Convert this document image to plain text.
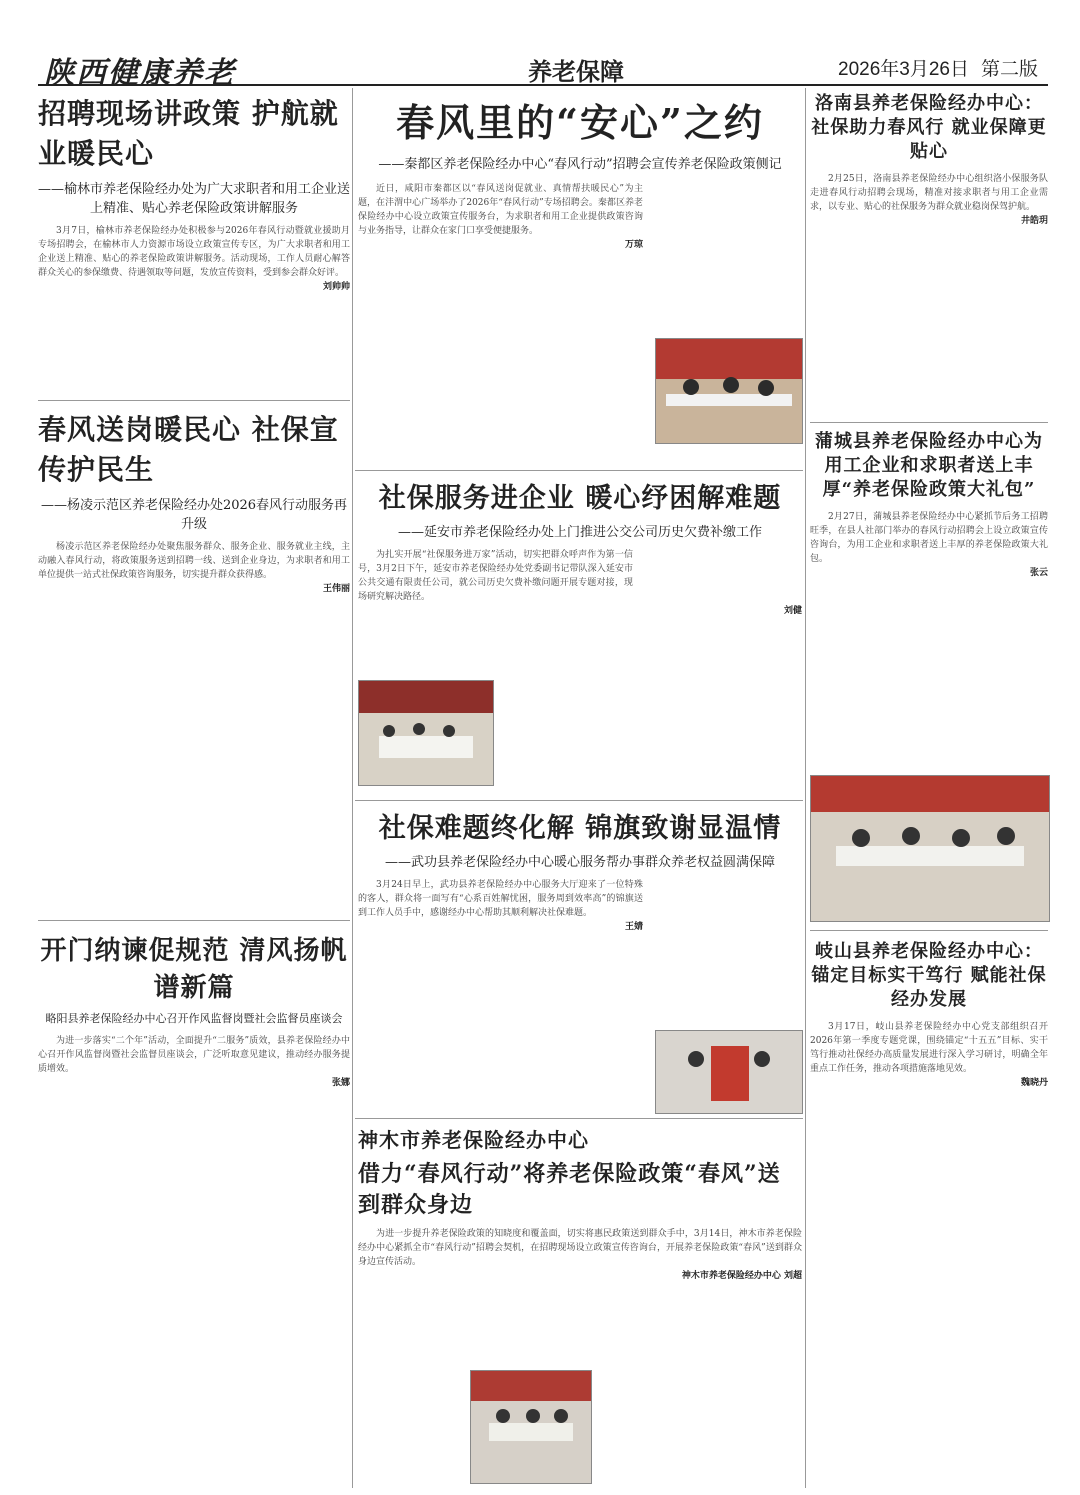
陕西健康养老	养老保障	2026年3月26日 第二版
招聘现场讲政策 护航就业暖民心
——榆林市养老保险经办处为广大求职者和用工企业送上精准、贴心养老保险政策讲解服务

3月7日，榆林市养老保险经办处积极参与2026年春风行动暨就业援助月专场招聘会，在榆林市人力资源市场设立政策宣传专区，为广大求职者和用工企业送上精准、贴心的养老保险政策讲解服务。活动现场，工作人员耐心解答群众关心的参保缴费、待遇领取等问题，发放宣传资料，受到参会群众好评。

刘帅帅
春风送岗暖民心 社保宣传护民生
——杨凌示范区养老保险经办处2026春风行动服务再升级

杨凌示范区养老保险经办处聚焦服务群众、服务企业、服务就业主线，主动融入春风行动，将政策服务送到招聘一线、送到企业身边，为求职者和用工单位提供一站式社保政策咨询服务，切实提升群众获得感。

王伟丽
开门纳谏促规范 清风扬帆谱新篇
略阳县养老保险经办中心召开作风监督岗暨社会监督员座谈会

为进一步落实“二个年”活动，全面提升“二服务”质效，县养老保险经办中心召开作风监督岗暨社会监督员座谈会，广泛听取意见建议，推动经办服务提质增效。

张娜
春风里的“安心”之约
——秦都区养老保险经办中心“春风行动”招聘会宣传养老保险政策侧记

近日，咸阳市秦都区以“春风送岗促就业、真情帮扶暖民心”为主题，在沣渭中心广场举办了2026年“春风行动”专场招聘会。秦都区养老保险经办中心设立政策宣传服务台，为求职者和用工企业提供政策咨询与业务指导，让群众在家门口享受便捷服务。

万琼
社保服务进企业 暖心纾困解难题
——延安市养老保险经办处上门推进公交公司历史欠费补缴工作

为扎实开展“社保服务进万家”活动，切实把群众呼声作为第一信号，3月2日下午，延安市养老保险经办处党委副书记带队深入延安市公共交通有限责任公司，就公司历史欠费补缴问题开展专题对接，现场研究解决路径。

刘健
社保难题终化解 锦旗致谢显温情
——武功县养老保险经办中心暖心服务帮办事群众养老权益圆满保障

3月24日早上，武功县养老保险经办中心服务大厅迎来了一位特殊的客人，群众将一面写有“心系百姓解忧困，服务周到效率高”的锦旗送到工作人员手中，感谢经办中心帮助其顺利解决社保难题。

王婧
神木市养老保险经办中心
借力“春风行动”将养老保险政策“春风”送到群众身边

为进一步提升养老保险政策的知晓度和覆盖面，切实将惠民政策送到群众手中，3月14日，神木市养老保险经办中心紧抓全市“春风行动”招聘会契机，在招聘现场设立政策宣传咨询台，开展养老保险政策“春风”送到群众身边宣传活动。

神木市养老保险经办中心 刘超
洛南县养老保险经办中心：社保助力春风行 就业保障更贴心

2月25日，洛南县养老保险经办中心组织洛小保服务队走进春风行动招聘会现场，精准对接求职者与用工企业需求，以专业、贴心的社保服务为群众就业稳岗保驾护航。

井皓玥
蒲城县养老保险经办中心为用工企业和求职者送上丰厚“养老保险政策大礼包”

2月27日，蒲城县养老保险经办中心紧抓节后务工招聘旺季，在县人社部门举办的春风行动招聘会上设立政策宣传咨询台，为用工企业和求职者送上丰厚的养老保险政策大礼包。

张云
岐山县养老保险经办中心：锚定目标实干笃行 赋能社保经办发展

3月17日，岐山县养老保险经办中心党支部组织召开2026年第一季度专题党课，围绕锚定“十五五”目标、实干笃行推动社保经办高质量发展进行深入学习研讨，明确全年重点工作任务，推动各项措施落地见效。

魏晓丹
